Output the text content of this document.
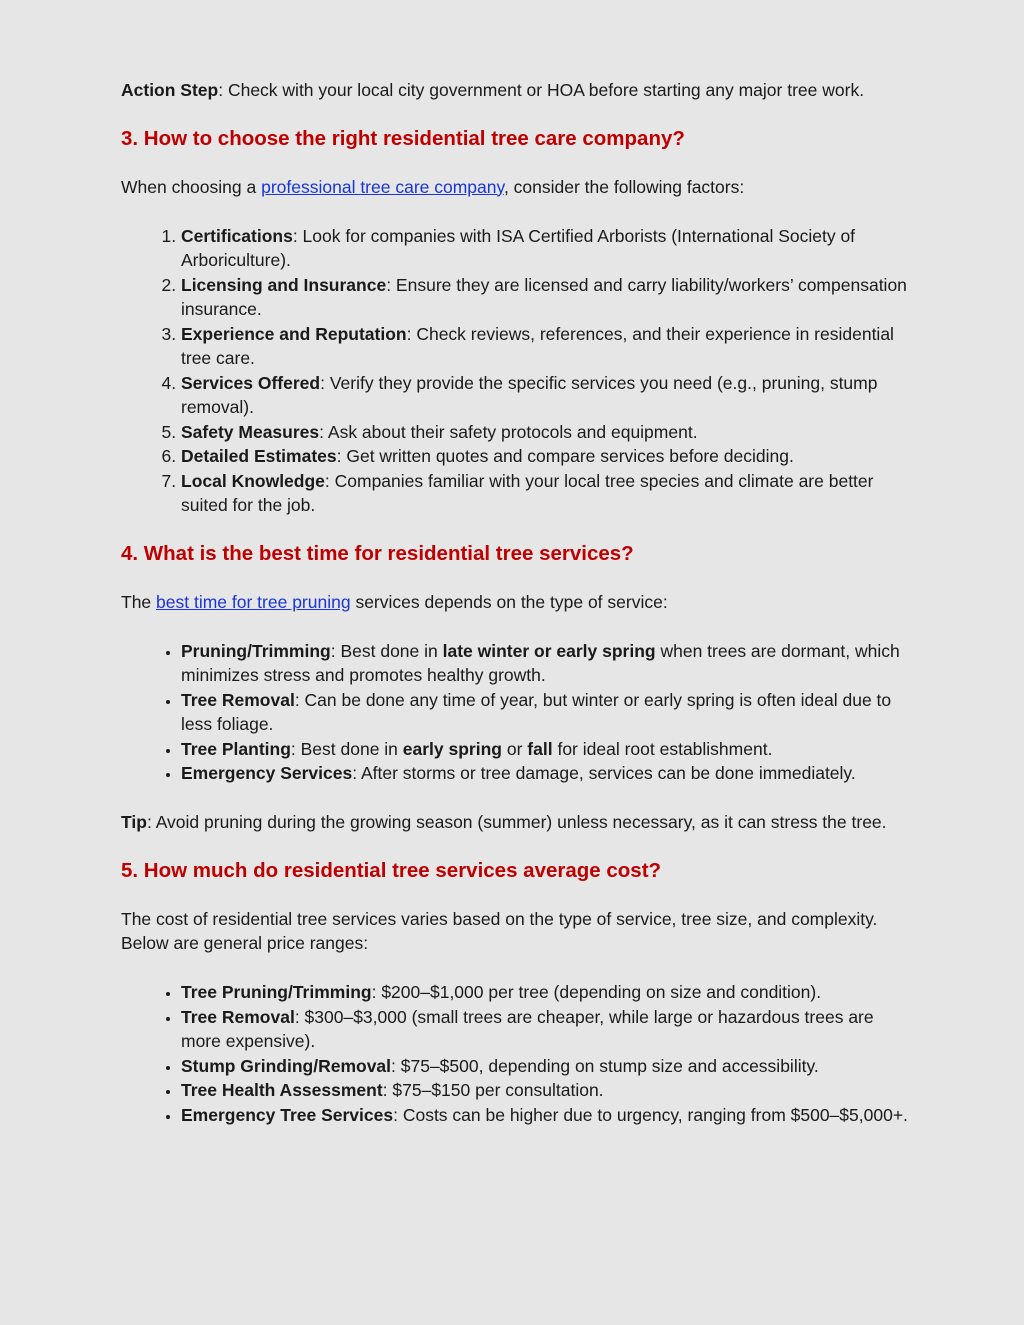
Action Step: Check with your local city government or HOA before starting any major tree work.

3. How to choose the right residential tree care company?

When choosing a professional tree care company, consider the following factors:

1. Certifications: Look for companies with ISA Certified Arborists (International Society of Arboriculture).
2. Licensing and Insurance: Ensure they are licensed and carry liability/workers’ compensation insurance.
3. Experience and Reputation: Check reviews, references, and their experience in residential tree care.
4. Services Offered: Verify they provide the specific services you need (e.g., pruning, stump removal).
5. Safety Measures: Ask about their safety protocols and equipment.
6. Detailed Estimates: Get written quotes and compare services before deciding.
7. Local Knowledge: Companies familiar with your local tree species and climate are better suited for the job.
4. What is the best time for residential tree services?

The best time for tree pruning services depends on the type of service:

• Pruning/Trimming: Best done in late winter or early spring when trees are dormant, which minimizes stress and promotes healthy growth.
• Tree Removal: Can be done any time of year, but winter or early spring is often ideal due to less foliage.
• Tree Planting: Best done in early spring or fall for ideal root establishment.
• Emergency Services: After storms or tree damage, services can be done immediately.

Tip: Avoid pruning during the growing season (summer) unless necessary, as it can stress the tree.

5. How much do residential tree services average cost?

The cost of residential tree services varies based on the type of service, tree size, and complexity. Below are general price ranges:

• Tree Pruning/Trimming: $200–$1,000 per tree (depending on size and condition).
• Tree Removal: $300–$3,000 (small trees are cheaper, while large or hazardous trees are more expensive).
• Stump Grinding/Removal: $75–$500, depending on stump size and accessibility.
• Tree Health Assessment: $75–$150 per consultation.
• Emergency Tree Services: Costs can be higher due to urgency, ranging from $500–$5,000+.
